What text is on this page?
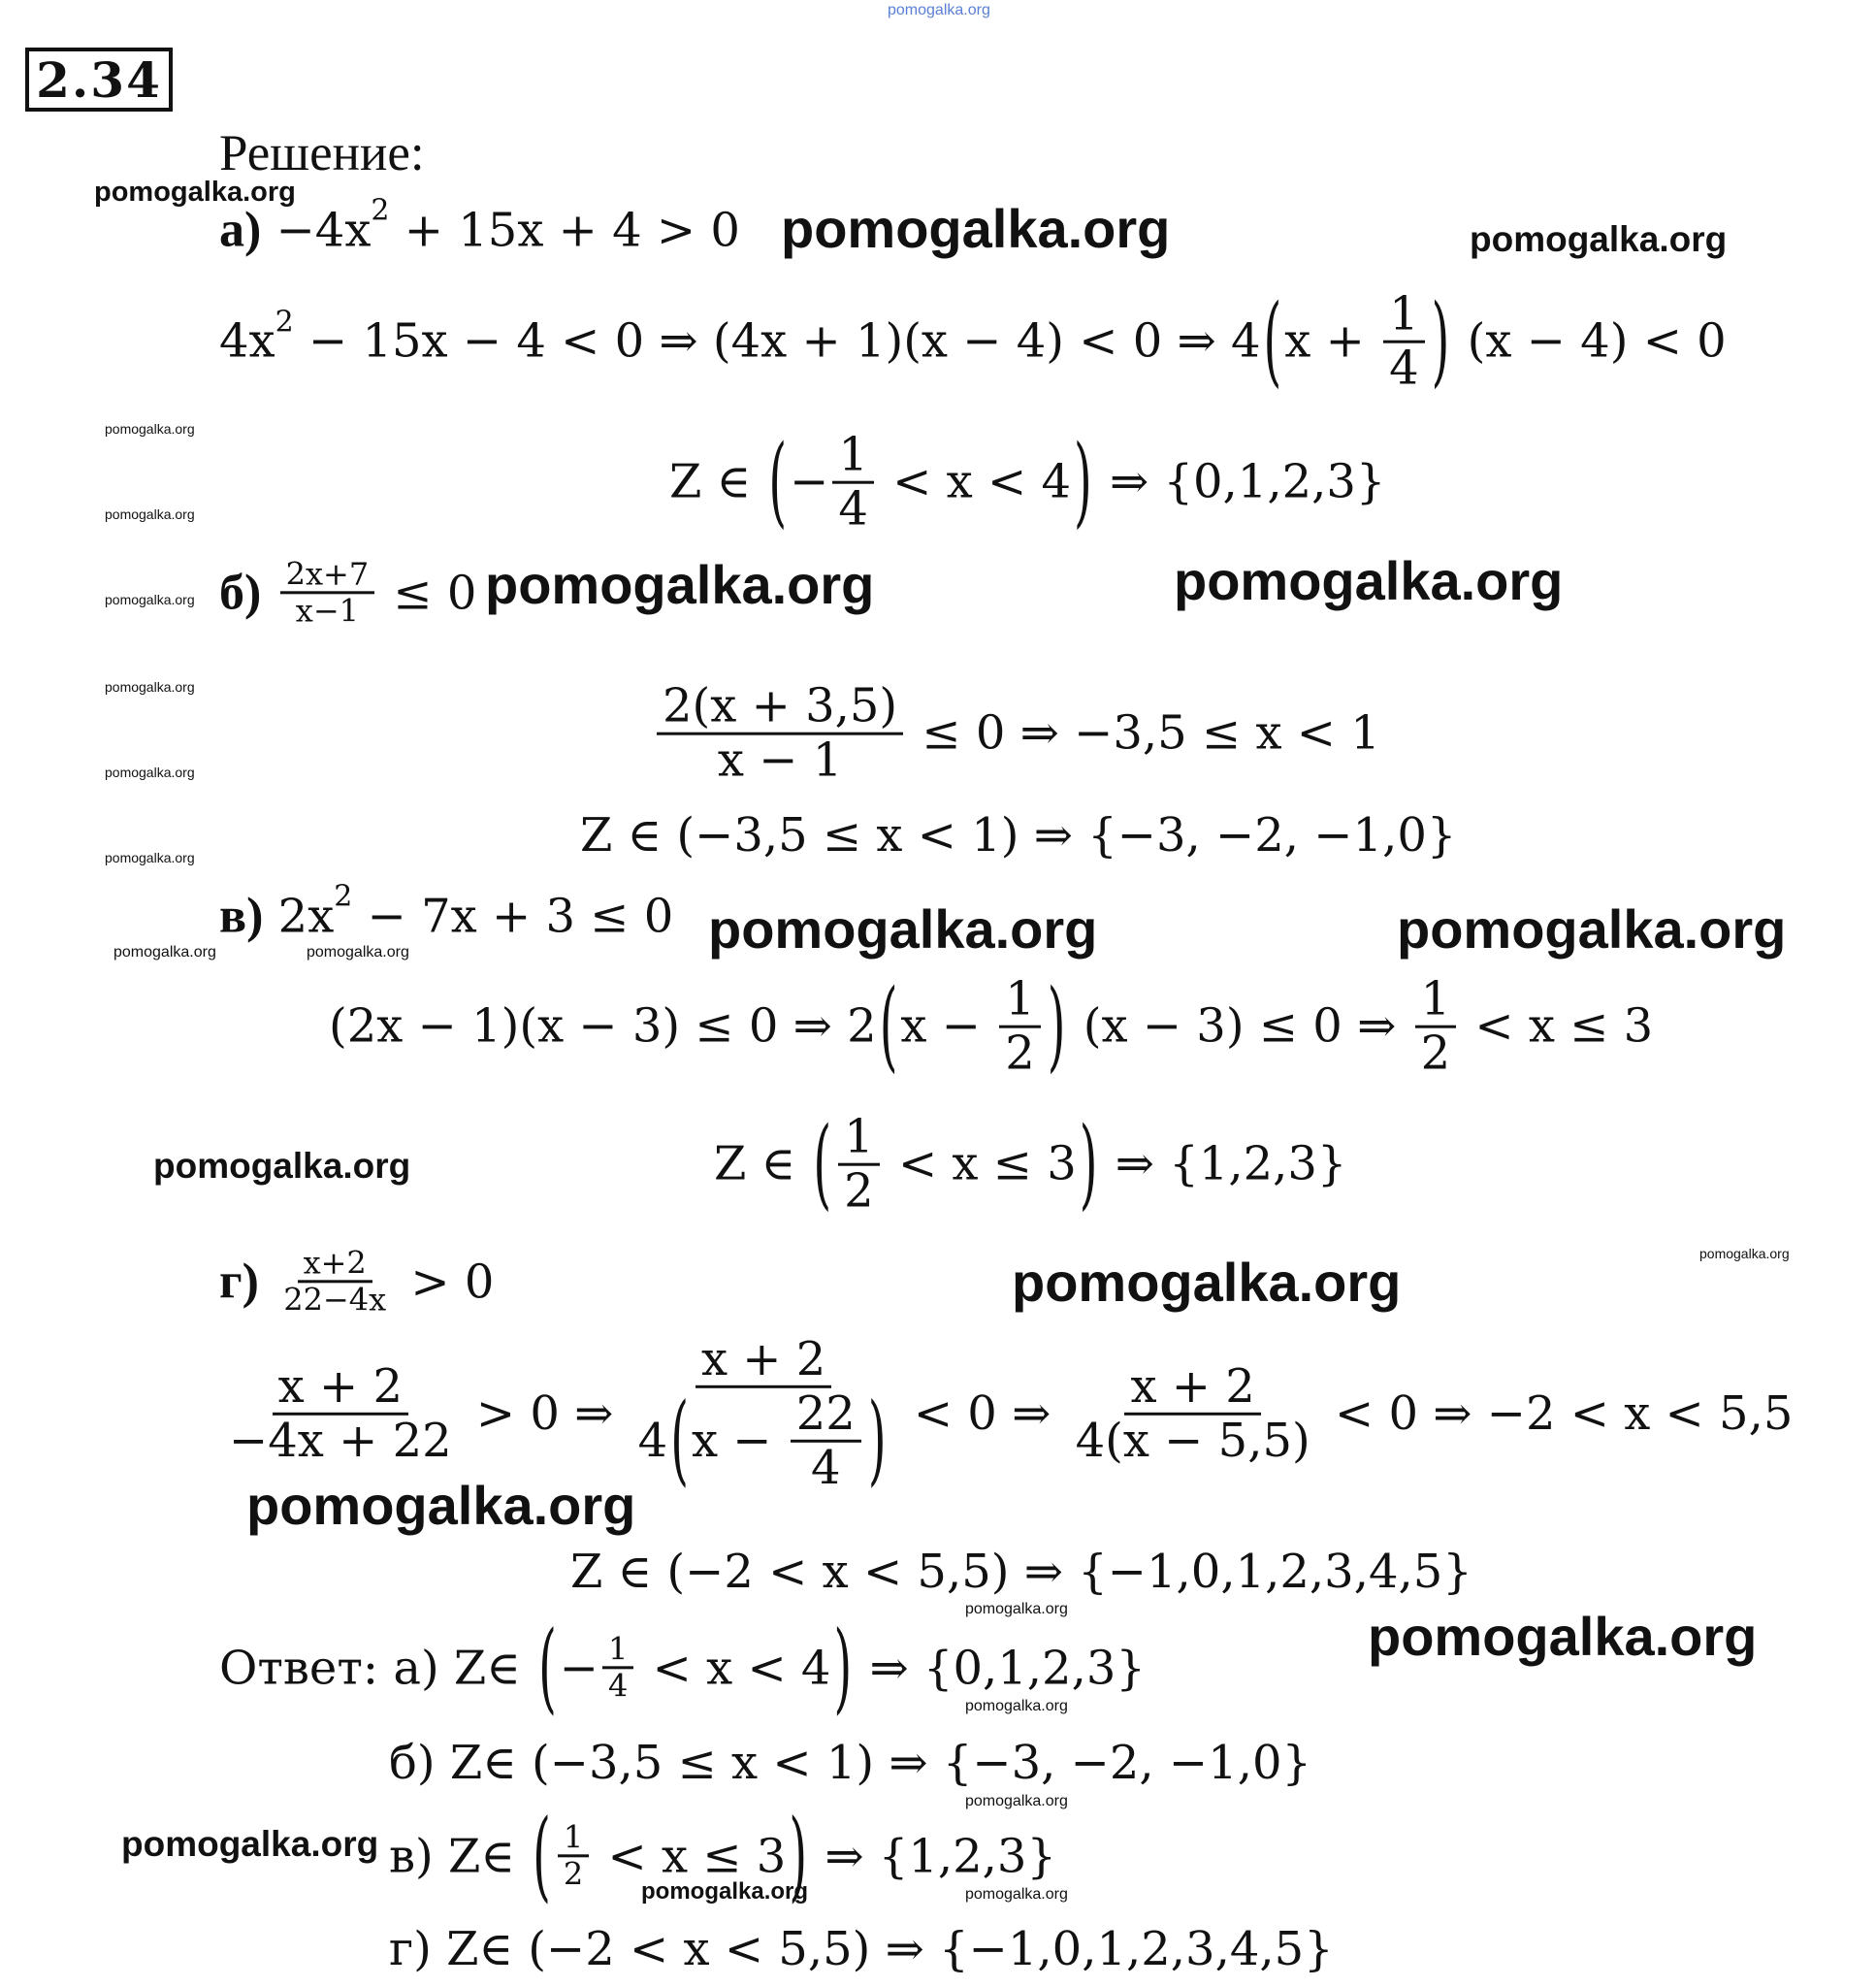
2.34
Решение:
а) −4x 2 + 15x + 4 > 0
4x 2 − 15x − 4 < 0 ⇒ (4x + 1)(x − 4) < 0 ⇒ 4 ( $x + \frac{1}{4}$ ) (x − 4) < 0
Z ∈ ( − $\frac{1}{4} < x < 4$ ) ⇒ {0,1,2,3}
б)
$\frac{2x+7}{x-1} \le 0$
$\frac{2(x + 3,5)}{x - 1} \le 0$ ⇒ −3,5 ≤ x < 1
Z ∈ (−3,5 ≤ x < 1) ⇒ {−3, −2, −1,0}
в) 2x 2 − 7x + 3 ≤ 0
(2x − 1)(x − 3) ≤ 0 ⇒ 2 ( $x - \frac{1}{2}$ ) (x − 3) ≤ 0 ⇒ $\frac{1}{2} < x \le 3$
Z ∈ ( $\frac{1}{2} < x \le 3$ ) ⇒ {1,2,3}
г)
$\frac{x+2}{22-4x} > 0$
$\frac{x + 2}{-4x + 22} > 0$ ⇒ $\frac{x + 2}{4 ( x - \frac{22}{4} )} < 0$ ⇒ $\frac{x + 2}{4(x - 5,5)} < 0$ ⇒ −2 < x < 5,5
Z ∈ (−2 < x < 5,5) ⇒ {−1,0,1,2,3,4,5}
Ответ: а) Z∈ ( − $\frac{1}{4} < x < 4$ ) ⇒ {0,1,2,3}
б) Z∈ (−3,5 ≤ x < 1) ⇒ {−3, −2, −1,0}
в) Z∈ ( $\frac{1}{2} < x \le 3$ ) ⇒ {1,2,3}
г) Z∈ (−2 < x < 5,5) ⇒ {−1,0,1,2,3,4,5}
pomogalka.org
pomogalka.org
pomogalka.org	pomogalka.org
pomogalka.org
pomogalka.org
pomogalka.org
pomogalka.org
pomogalka.org
pomogalka.org
pomogalka.org	pomogalka.org
pomogalka.org	pomogalka.org
pomogalka.org	pomogalka.org
pomogalka.org
pomogalka.org	pomogalka.org
pomogalka.org
pomogalka.org	pomogalka.org
pomogalka.org
pomogalka.org
pomogalka.org
pomogalka.org	pomogalka.org
